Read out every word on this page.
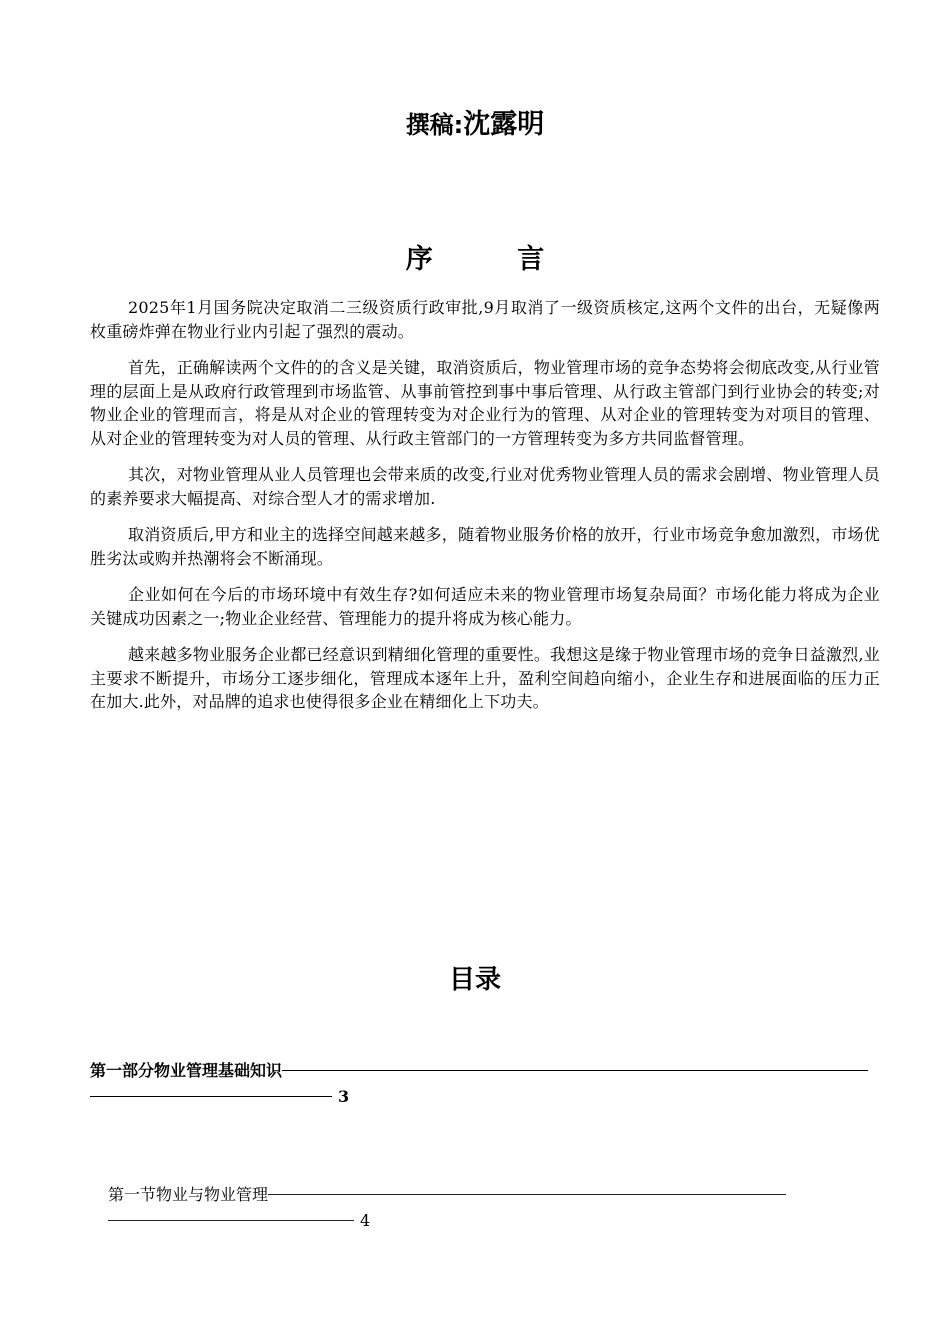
撰稿:沈露明
序         言

2025年1月国务院决定取消二三级资质行政审批,9月取消了一级资质核定,这两个文件的出台，无疑像两枚重磅炸弹在物业行业内引起了强烈的震动。

首先，正确解读两个文件的的含义是关键，取消资质后，物业管理市场的竞争态势将会彻底改变,从行业管理的层面上是从政府行政管理到市场监管、从事前管控到事中事后管理、从行政主管部门到行业协会的转变;对物业企业的管理而言，将是从对企业的管理转变为对企业行为的管理、从对企业的管理转变为对项目的管理、从对企业的管理转变为对人员的管理、从行政主管部门的一方管理转变为多方共同监督管理。

其次，对物业管理从业人员管理也会带来质的改变,行业对优秀物业管理人员的需求会剧增、物业管理人员的素养要求大幅提高、对综合型人才的需求增加.

取消资质后,甲方和业主的选择空间越来越多，随着物业服务价格的放开，行业市场竞争愈加激烈，市场优胜劣汰或购并热潮将会不断涌现。

企业如何在今后的市场环境中有效生存?如何适应未来的物业管理市场复杂局面？市场化能力将成为企业关键成功因素之一;物业企业经营、管理能力的提升将成为核心能力。

越来越多物业服务企业都已经意识到精细化管理的重要性。我想这是缘于物业管理市场的竞争日益激烈,业主要求不断提升，市场分工逐步细化，管理成本逐年上升，盈利空间趋向缩小，企业生存和进展面临的压力正在加大.此外，对品牌的追求也使得很多企业在精细化上下功夫。

目录
第一部分物业管理基础知识
3
第一节物业与物业管理
4
